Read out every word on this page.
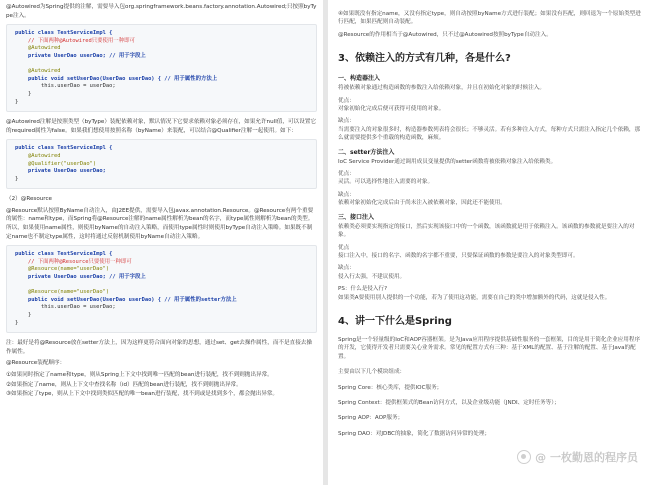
@Autowired为Spring提供的注解，需要导入包org.springframework.beans.factory.annotation.Autowired;只按照byType注入。
public class TestServiceImpl {
// 下面两种@Autowired只要使用一种即可
@Autowired
private UserDao userDao; // 用于字段上
@Autowired
public void setUserDao(UserDao userDao) { // 用于属性的方法上
this.userDao = userDao;
}
}
@Autowired注解是按照类型（byType）装配依赖对象，默认情况下它要求依赖对象必须存在，如果允许null值，可以设置它的required属性为false。如果我们想使用按照名称（byName）来装配，可以结合@Qualifier注解一起使用。如下：
public class TestServiceImpl {
@Autowired
@Qualifier("userDao")
private UserDao userDao;
}
（2）@Resource
@Resource默认按照ByName自动注入，由J2EE提供，需要导入包javax.annotation.Resource。@Resource有两个重要的属性：name和type，而Spring将@Resource注解的name属性解析为bean的名字，而type属性则解析为bean的类型。所以，如果使用name属性，则使用byName的自动注入策略，而使用type属性时则使用byType自动注入策略。如果既不制定name也不制定type属性，这时将通过反射机制使用byName自动注入策略。
public class TestServiceImpl {
// 下面两种@Resource只要使用一种即可
@Resource(name="userDao")
private UserDao userDao; // 用于字段上
@Resource(name="userDao")
public void setUserDao(UserDao userDao) { // 用于属性的setter方法上
this.userDao = userDao;
}
}
注：最好是将@Resource放在setter方法上，因为这样更符合面向对象的思想，通过set、get去操作属性，而不是直接去操作属性。
@Resource装配顺序：
①如果同时指定了name和type，则从Spring上下文中找到唯一匹配的bean进行装配，找不到则抛出异常。
②如果指定了name，则从上下文中查找名称（id）匹配的bean进行装配，找不到则抛出异常。
③如果指定了type，则从上下文中找到类似匹配的唯一bean进行装配，找不到或是找到多个，都会抛出异常。
④如果既没有指定name，又没有指定type，则自动按照byName方式进行装配；如果没有匹配，则回退为一个原始类型进行匹配，如果匹配则自动装配。
@Resource的作用相当于@Autowired，只不过@Autowired按照byType自动注入。
3、依赖注入的方式有几种，各是什么?
一、构造器注入
将被依赖对象通过构造函数的参数注入给依赖对象，并且在初始化对象的时候注入。
优点：
对象初始化完成后便可获得可使用的对象。
缺点：
当需要注入的对象很多时，构造器参数列表将会很长；不够灵活。若有多种注入方式，每种方式只需注入指定几个依赖，那么就需要提供多个重载的构造函数，麻烦。
二、setter方法注入
IoC Service Provider通过调用成员变量提供的setter函数将被依赖对象注入给依赖类。
优点：
灵活。可以选择性地注入需要的对象。
缺点：
依赖对象初始化完成后由于尚未注入被依赖对象，因此还不能使用。
三、接口注入
依赖类必须要实现指定的接口，然后实现该接口中的一个函数，该函数就是用于依赖注入。该函数的参数就是要注入的对象。
优点
接口注入中，接口的名字、函数的名字都不重要，只要保证函数的参数是要注入的对象类型即可。
缺点：
侵入行太强，不建议使用。
PS：什么是侵入行?
如果类A要使用别人提供的一个功能，若为了使用这功能，需要在自己的类中增加额外的代码，这就是侵入性。
4、讲一下什么是Spring
Spring是一个轻量级的IoC和AOP容器框架。是为Java应用程序提供基础性服务的一套框架，目的是用于简化企业应用程序的开发，它使得开发者只需要关心业务需求。常见的配置方式有三种：基于XML的配置、基于注解的配置、基于Java的配置。
主要由以下几个模块组成：
Spring Core：核心类库，提供IOC服务；
Spring Context：提供框架式的Bean访问方式，以及企业级功能（JNDI、定时任务等）；
Spring AOP：AOP服务；
Spring DAO：对JDBC的抽象，简化了数据访问异常的处理；
@ 一枚勤恩的程序员
